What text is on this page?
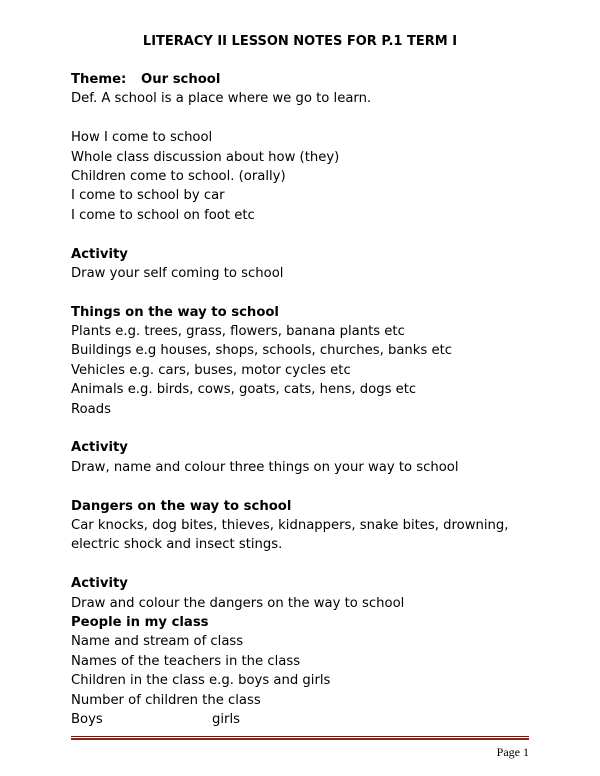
LITERACY II LESSON NOTES FOR P.1 TERM I
Theme: Our school
Def. A school is a place where we go to learn.
How I come to school
Whole class discussion about how (they)
Children come to school. (orally)
I come to school by car
I come to school on foot etc
Activity
Draw your self coming to school
Things on the way to school
Plants e.g. trees, grass, flowers, banana plants etc
Buildings e.g houses, shops, schools, churches, banks etc
Vehicles e.g. cars, buses, motor cycles etc
Animals e.g. birds, cows, goats, cats, hens, dogs etc
Roads
Activity
Draw, name and colour three things on your way to school
Dangers on the way to school
Car knocks, dog bites, thieves, kidnappers, snake bites, drowning, electric shock and insect stings.
Activity
Draw and colour the dangers on the way to school
People in my class
Name and stream of class
Names of the teachers in the class
Children in the class e.g. boys and girls
Number of children the class
Boys	girls
Page 1
